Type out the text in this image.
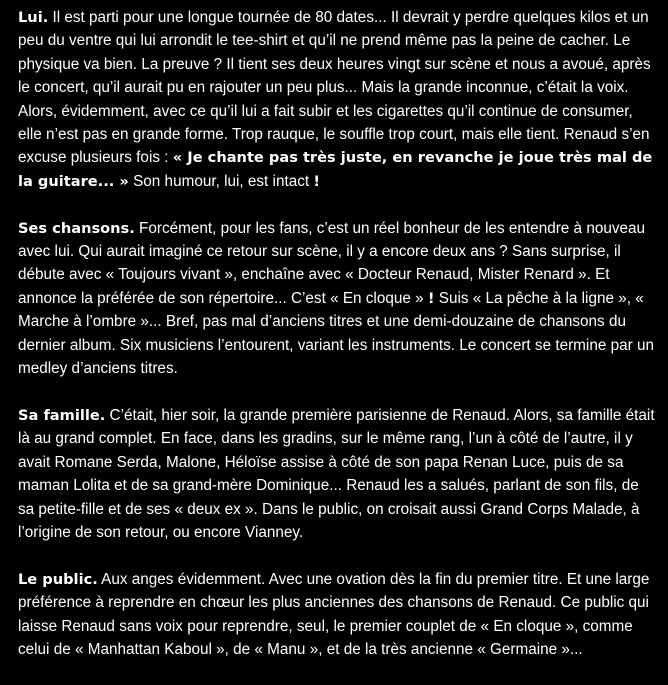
Lui. Il est parti pour une longue tournée de 80 dates... Il devrait y perdre quelques kilos et un peu du ventre qui lui arrondit le tee-shirt et qu’il ne prend même pas la peine de cacher. Le physique va bien. La preuve ? Il tient ses deux heures vingt sur scène et nous a avoué, après le concert, qu’il aurait pu en rajouter un peu plus... Mais la grande inconnue, c’était la voix. Alors, évidemment, avec ce qu’il lui a fait subir et les cigarettes qu’il continue de consumer, elle n’est pas en grande forme. Trop rauque, le souffle trop court, mais elle tient. Renaud s’en excuse plusieurs fois : « Je chante pas très juste, en revanche je joue très mal de la guitare... » Son humour, lui, est intact !

Ses chansons. Forcément, pour les fans, c’est un réel bonheur de les entendre à nouveau avec lui. Qui aurait imaginé ce retour sur scène, il y a encore deux ans ? Sans surprise, il débute avec « Toujours vivant », enchaîne avec « Docteur Renaud, Mister Renard ». Et annonce la préférée de son répertoire... C’est « En cloque » ! Suis « La pêche à la ligne », « Marche à l’ombre »... Bref, pas mal d’anciens titres et une demi-douzaine de chansons du dernier album. Six musiciens l’entourent, variant les instruments. Le concert se termine par un medley d’anciens titres.

Sa famille. C’était, hier soir, la grande première parisienne de Renaud. Alors, sa famille était là au grand complet. En face, dans les gradins, sur le même rang, l’un à côté de l’autre, il y avait Romane Serda, Malone, Héloïse assise à côté de son papa Renan Luce, puis de sa maman Lolita et de sa grand-mère Dominique... Renaud les a salués, parlant de son fils, de sa petite-fille et de ses « deux ex ». Dans le public, on croisait aussi Grand Corps Malade, à l’origine de son retour, ou encore Vianney.

Le public. Aux anges évidemment. Avec une ovation dès la fin du premier titre. Et une large préférence à reprendre en chœur les plus anciennes des chansons de Renaud. Ce public qui laisse Renaud sans voix pour reprendre, seul, le premier couplet de « En cloque », comme celui de « Manhattan Kaboul », de « Manu », et de la très ancienne « Germaine »...
